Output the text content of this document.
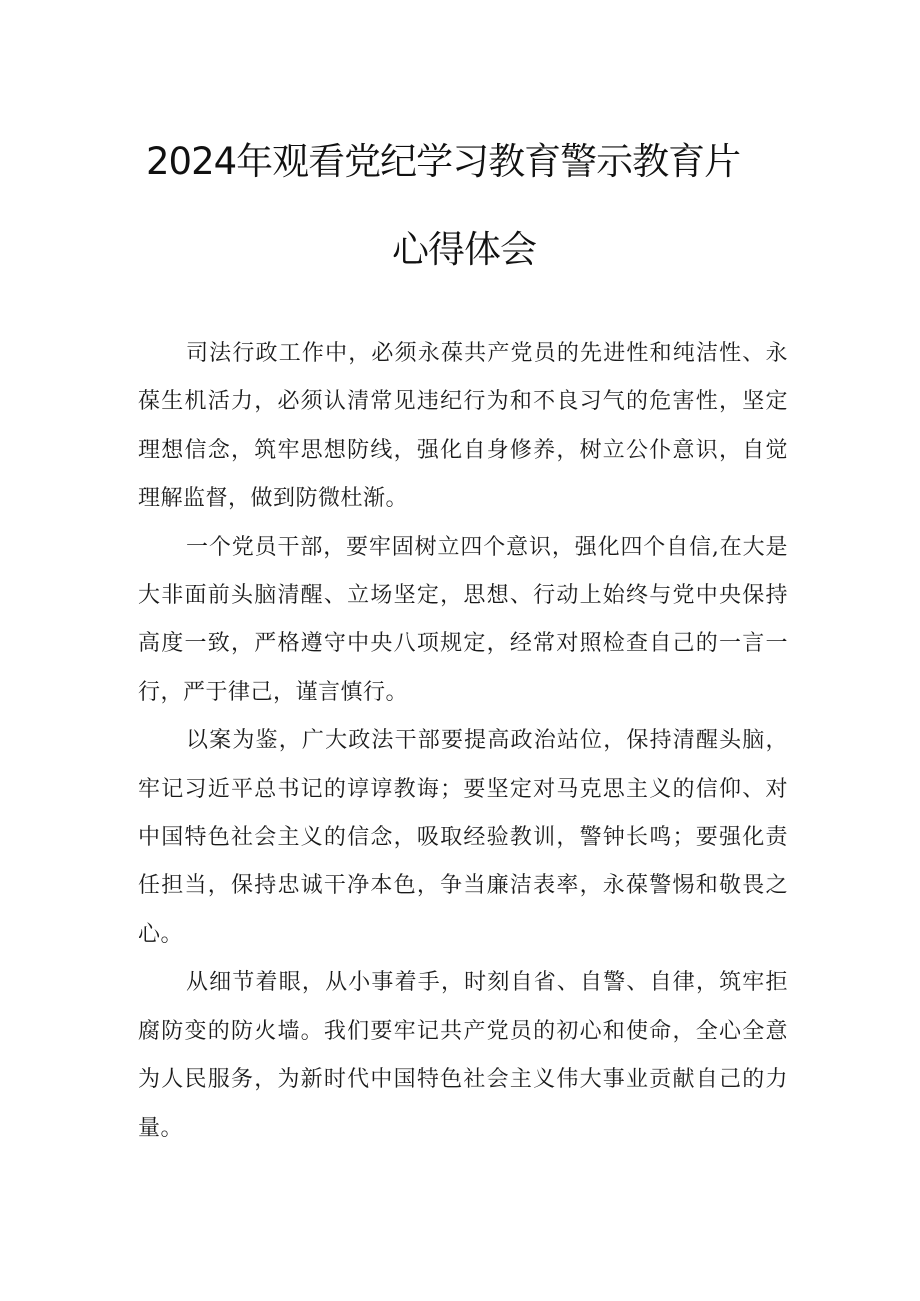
2024年观看党纪学习教育警示教育片
心得体会

司法行政工作中，必须永葆共产党员的先进性和纯洁性、永葆生机活力，必须认清常见违纪行为和不良习气的危害性，坚定理想信念，筑牢思想防线，强化自身修养，树立公仆意识，自觉理解监督，做到防微杜渐。

一个党员干部，要牢固树立四个意识，强化四个自信,在大是大非面前头脑清醒、立场坚定，思想、行动上始终与党中央保持高度一致，严格遵守中央八项规定，经常对照检查自己的一言一行，严于律己，谨言慎行。

以案为鉴，广大政法干部要提高政治站位，保持清醒头脑，牢记习近平总书记的谆谆教诲；要坚定对马克思主义的信仰、对中国特色社会主义的信念，吸取经验教训，警钟长鸣；要强化责任担当，保持忠诚干净本色，争当廉洁表率，永葆警惕和敬畏之心。

从细节着眼，从小事着手，时刻自省、自警、自律，筑牢拒腐防变的防火墙。我们要牢记共产党员的初心和使命，全心全意为人民服务，为新时代中国特色社会主义伟大事业贡献自己的力量。
